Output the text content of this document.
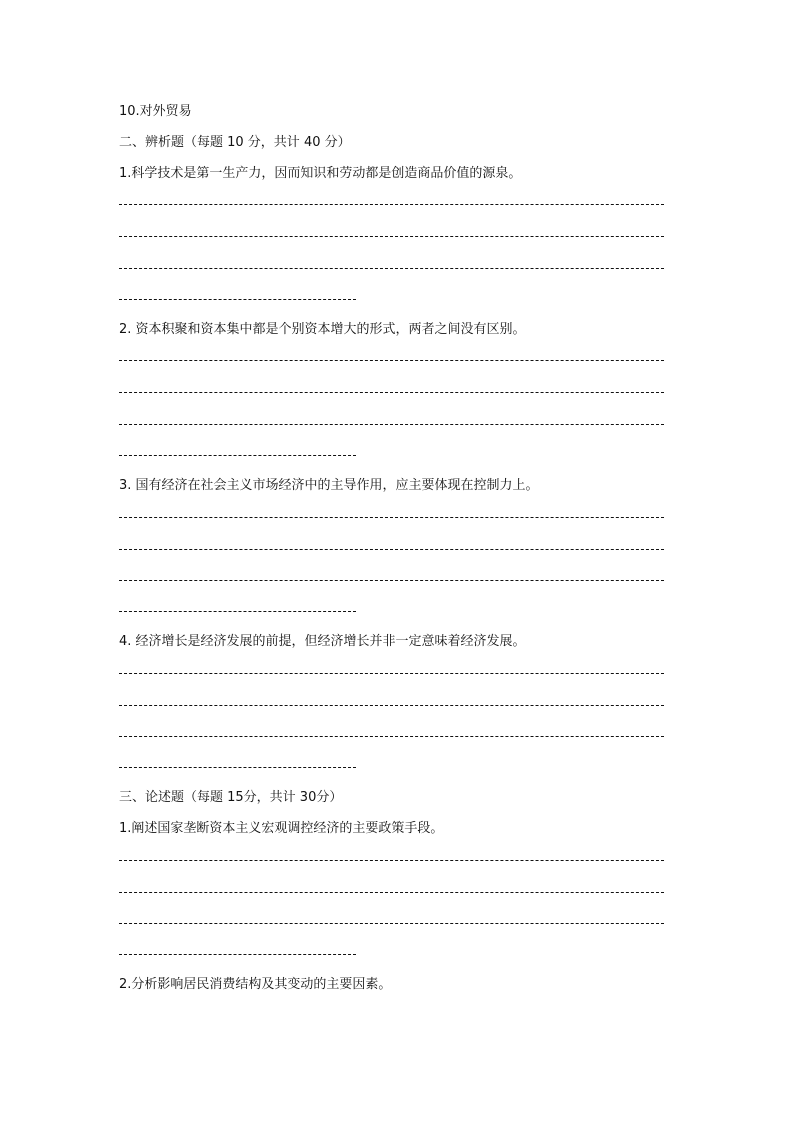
10.对外贸易
二、辨析题（每题 10 分，共计 40 分）
1.科学技术是第一生产力，因而知识和劳动都是创造商品价值的源泉。
2. 资本积聚和资本集中都是个别资本增大的形式，两者之间没有区别。
3. 国有经济在社会主义市场经济中的主导作用，应主要体现在控制力上。
4. 经济增长是经济发展的前提，但经济增长并非一定意味着经济发展。
三、论述题（每题 15分，共计 30分）
1.阐述国家垄断资本主义宏观调控经济的主要政策手段。
2.分析影响居民消费结构及其变动的主要因素。
